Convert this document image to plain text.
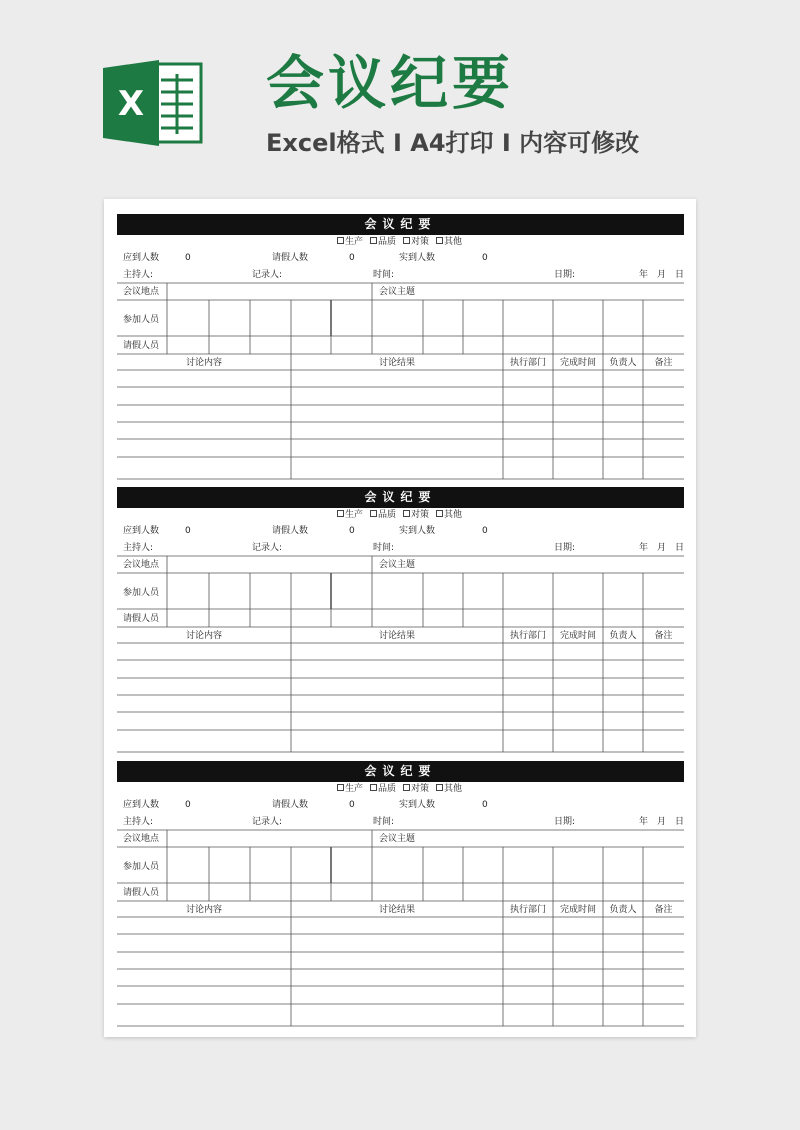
X 会议纪要
Excel格式 I A4打印 I 内容可修改
会议纪要
生产 品质 对策 其他
应到人数	0	请假人数	0	实到人数	0
主持人:	记录人:	时间:	日期:	年 月 日
会议地点	会议主题
参加人员
请假人员
讨论内容	讨论结果	执行部门	完成时间	负责人	备注
会议纪要
生产 品质 对策 其他
应到人数	0	请假人数	0	实到人数	0
主持人:	记录人:	时间:	日期:	年 月 日
会议地点	会议主题
参加人员
请假人员
讨论内容	讨论结果	执行部门	完成时间	负责人	备注
会议纪要
生产 品质 对策 其他
应到人数	0	请假人数	0	实到人数	0
主持人:	记录人:	时间:	日期:	年 月 日
会议地点	会议主题
参加人员
请假人员
讨论内容	讨论结果	执行部门	完成时间	负责人	备注
